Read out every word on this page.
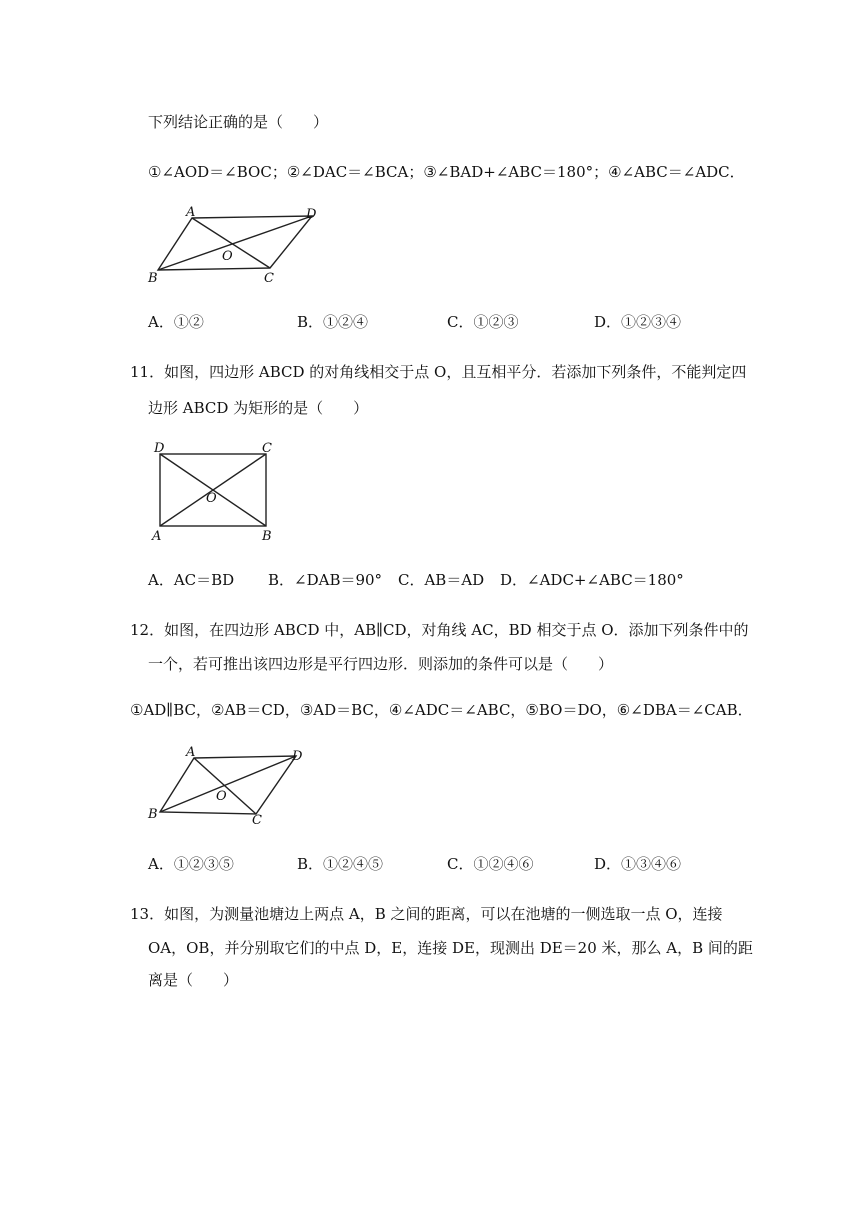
下列结论正确的是（　　）
①∠AOD＝∠BOC；②∠DAC＝∠BCA；③∠BAD+∠ABC＝180°；④∠ABC＝∠ADC．
A	D
O
B	C
A．①②	B．①②④	C．①②③	D．①②③④
11．如图，四边形 ABCD 的对角线相交于点 O，且互相平分．若添加下列条件，不能判定四
边形 ABCD 为矩形的是（　　）
D	C
O
A	B
A．AC＝BD B．∠DAB＝90° C．AB＝AD D．∠ADC+∠ABC＝180°
12．如图，在四边形 ABCD 中，AB∥CD，对角线 AC，BD 相交于点 O．添加下列条件中的
一个，若可推出该四边形是平行四边形．则添加的条件可以是（　　）
①AD∥BC，②AB＝CD，③AD＝BC，④∠ADC＝∠ABC，⑤BO＝DO，⑥∠DBA＝∠CAB．
A	D
O
B	C
A．①②③⑤	B．①②④⑤	C．①②④⑥	D．①③④⑥
13．如图，为测量池塘边上两点 A，B 之间的距离，可以在池塘的一侧选取一点 O，连接
OA，OB，并分别取它们的中点 D，E，连接 DE，现测出 DE＝20 米，那么 A，B 间的距
离是（　　）
